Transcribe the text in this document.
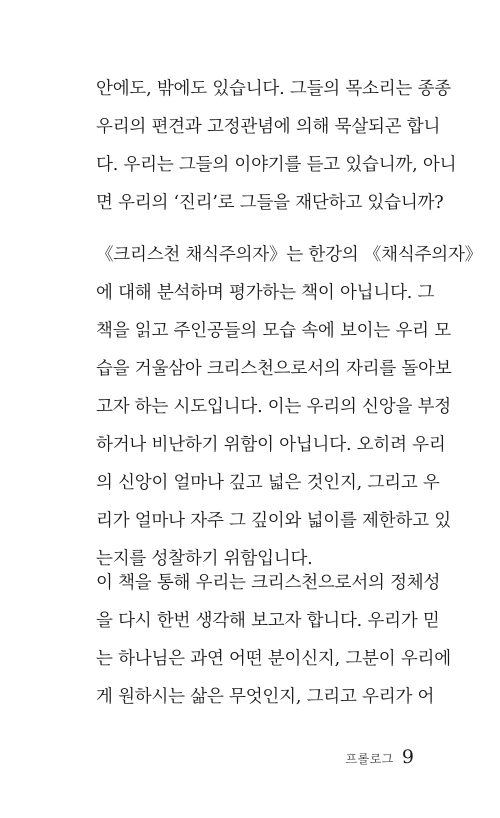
안에도, 밖에도 있습니다. 그들의 목소리는 종종
우리의 편견과 고정관념에 의해 묵살되곤 합니
다. 우리는 그들의 이야기를 듣고 있습니까, 아니
면 우리의 ‘진리’로 그들을 재단하고 있습니까?
《크리스천 채식주의자》는 한강의 《채식주의자》
에 대해 분석하며 평가하는 책이 아닙니다. 그
책을 읽고 주인공들의 모습 속에 보이는 우리 모
습을 거울삼아 크리스천으로서의 자리를 돌아보
고자 하는 시도입니다. 이는 우리의 신앙을 부정
하거나 비난하기 위함이 아닙니다. 오히려 우리
의 신앙이 얼마나 깊고 넓은 것인지, 그리고 우
리가 얼마나 자주 그 깊이와 넓이를 제한하고 있
는지를 성찰하기 위함입니다.
이 책을 통해 우리는 크리스천으로서의 정체성
을 다시 한번 생각해 보고자 합니다. 우리가 믿
는 하나님은 과연 어떤 분이신지, 그분이 우리에
게 원하시는 삶은 무엇인지, 그리고 우리가 어
프롤로그 9
